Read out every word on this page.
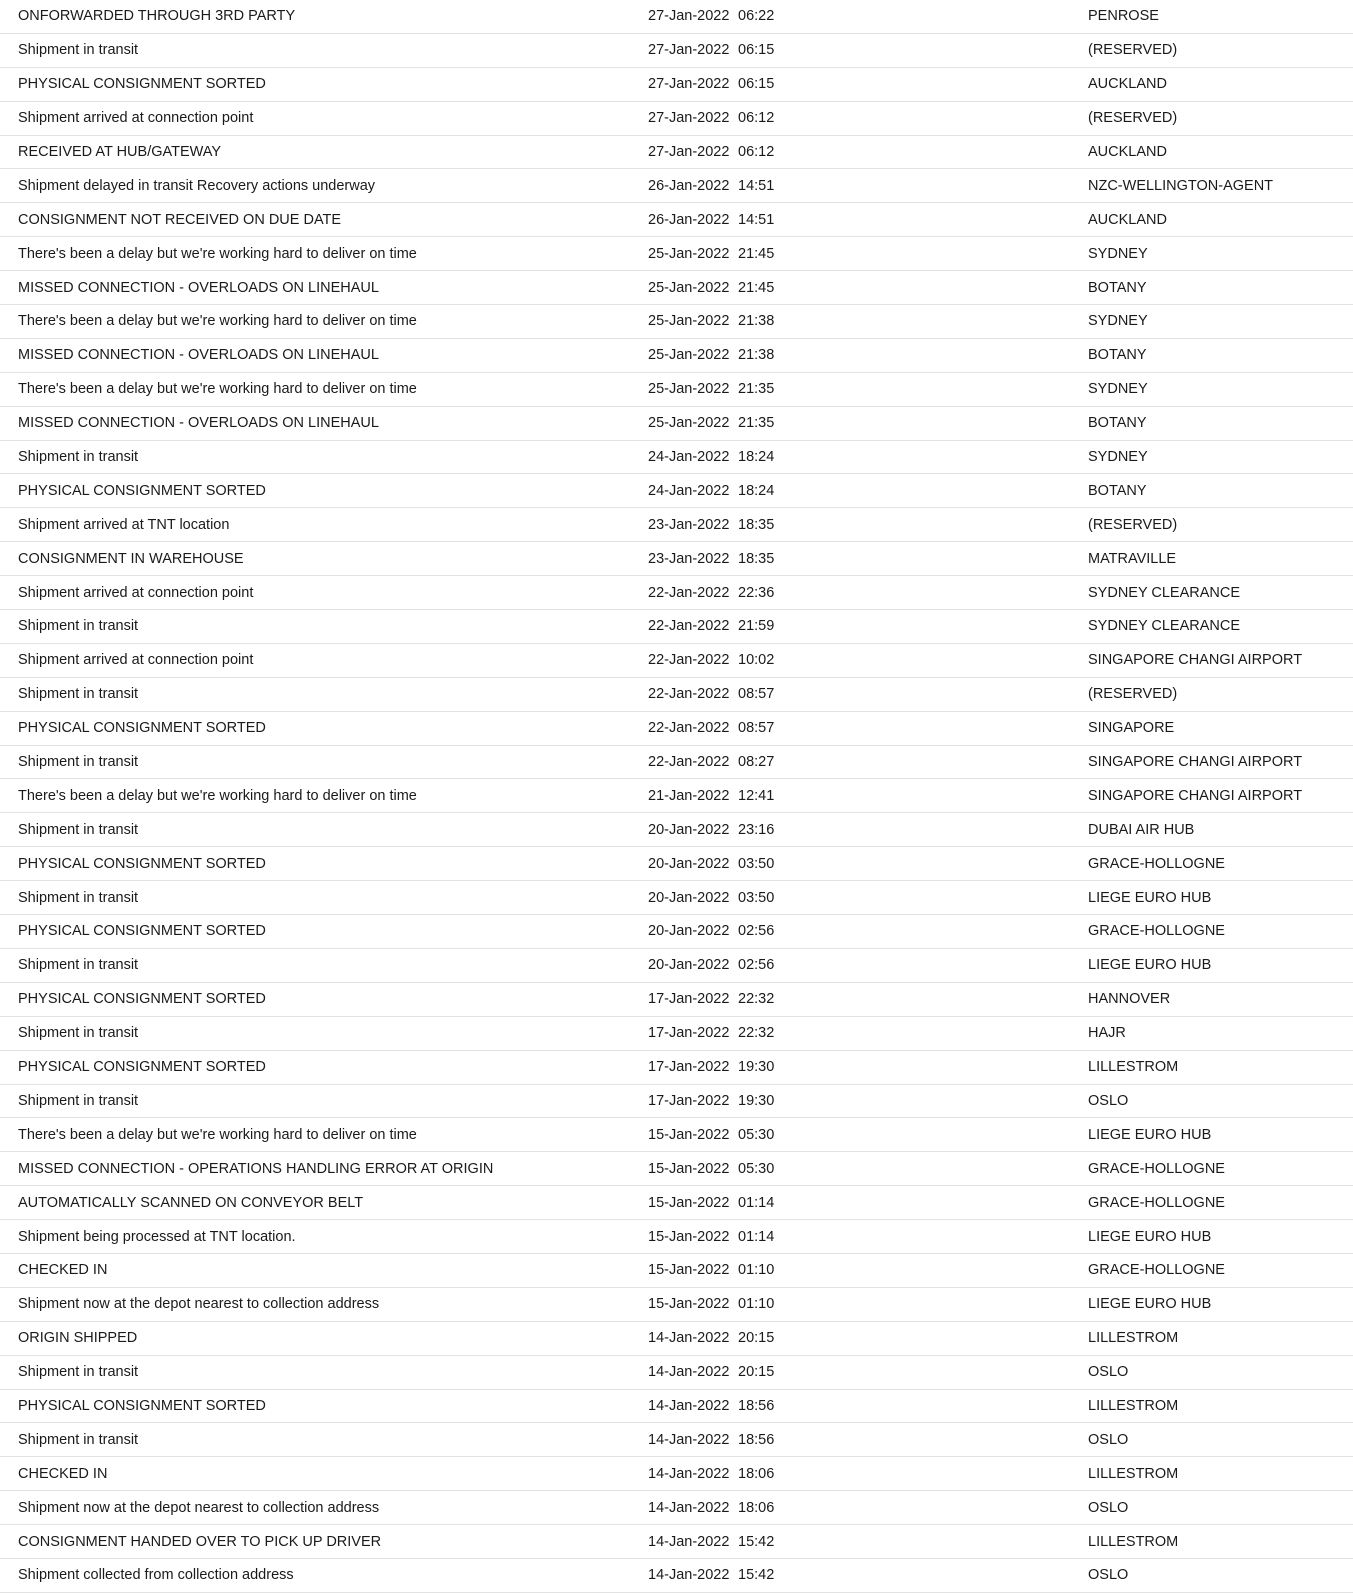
ONFORWARDED THROUGH 3RD PARTY	27-Jan-2022	06:22	PENROSE
Shipment in transit	27-Jan-2022	06:15	(RESERVED)
PHYSICAL CONSIGNMENT SORTED	27-Jan-2022	06:15	AUCKLAND
Shipment arrived at connection point	27-Jan-2022	06:12	(RESERVED)
RECEIVED AT HUB/GATEWAY	27-Jan-2022	06:12	AUCKLAND
Shipment delayed in transit Recovery actions underway	26-Jan-2022	14:51	NZC-WELLINGTON-AGENT
CONSIGNMENT NOT RECEIVED ON DUE DATE	26-Jan-2022	14:51	AUCKLAND
There's been a delay but we're working hard to deliver on time	25-Jan-2022	21:45	SYDNEY
MISSED CONNECTION - OVERLOADS ON LINEHAUL	25-Jan-2022	21:45	BOTANY
There's been a delay but we're working hard to deliver on time	25-Jan-2022	21:38	SYDNEY
MISSED CONNECTION - OVERLOADS ON LINEHAUL	25-Jan-2022	21:38	BOTANY
There's been a delay but we're working hard to deliver on time	25-Jan-2022	21:35	SYDNEY
MISSED CONNECTION - OVERLOADS ON LINEHAUL	25-Jan-2022	21:35	BOTANY
Shipment in transit	24-Jan-2022	18:24	SYDNEY
PHYSICAL CONSIGNMENT SORTED	24-Jan-2022	18:24	BOTANY
Shipment arrived at TNT location	23-Jan-2022	18:35	(RESERVED)
CONSIGNMENT IN WAREHOUSE	23-Jan-2022	18:35	MATRAVILLE
Shipment arrived at connection point	22-Jan-2022	22:36	SYDNEY CLEARANCE
Shipment in transit	22-Jan-2022	21:59	SYDNEY CLEARANCE
Shipment arrived at connection point	22-Jan-2022	10:02	SINGAPORE CHANGI AIRPORT
Shipment in transit	22-Jan-2022	08:57	(RESERVED)
PHYSICAL CONSIGNMENT SORTED	22-Jan-2022	08:57	SINGAPORE
Shipment in transit	22-Jan-2022	08:27	SINGAPORE CHANGI AIRPORT
There's been a delay but we're working hard to deliver on time	21-Jan-2022	12:41	SINGAPORE CHANGI AIRPORT
Shipment in transit	20-Jan-2022	23:16	DUBAI AIR HUB
PHYSICAL CONSIGNMENT SORTED	20-Jan-2022	03:50	GRACE-HOLLOGNE
Shipment in transit	20-Jan-2022	03:50	LIEGE EURO HUB
PHYSICAL CONSIGNMENT SORTED	20-Jan-2022	02:56	GRACE-HOLLOGNE
Shipment in transit	20-Jan-2022	02:56	LIEGE EURO HUB
PHYSICAL CONSIGNMENT SORTED	17-Jan-2022	22:32	HANNOVER
Shipment in transit	17-Jan-2022	22:32	HAJR
PHYSICAL CONSIGNMENT SORTED	17-Jan-2022	19:30	LILLESTROM
Shipment in transit	17-Jan-2022	19:30	OSLO
There's been a delay but we're working hard to deliver on time	15-Jan-2022	05:30	LIEGE EURO HUB
MISSED CONNECTION - OPERATIONS HANDLING ERROR AT ORIGIN	15-Jan-2022	05:30	GRACE-HOLLOGNE
AUTOMATICALLY SCANNED ON CONVEYOR BELT	15-Jan-2022	01:14	GRACE-HOLLOGNE
Shipment being processed at TNT location.	15-Jan-2022	01:14	LIEGE EURO HUB
CHECKED IN	15-Jan-2022	01:10	GRACE-HOLLOGNE
Shipment now at the depot nearest to collection address	15-Jan-2022	01:10	LIEGE EURO HUB
ORIGIN SHIPPED	14-Jan-2022	20:15	LILLESTROM
Shipment in transit	14-Jan-2022	20:15	OSLO
PHYSICAL CONSIGNMENT SORTED	14-Jan-2022	18:56	LILLESTROM
Shipment in transit	14-Jan-2022	18:56	OSLO
CHECKED IN	14-Jan-2022	18:06	LILLESTROM
Shipment now at the depot nearest to collection address	14-Jan-2022	18:06	OSLO
CONSIGNMENT HANDED OVER TO PICK UP DRIVER	14-Jan-2022	15:42	LILLESTROM
Shipment collected from collection address	14-Jan-2022	15:42	OSLO
